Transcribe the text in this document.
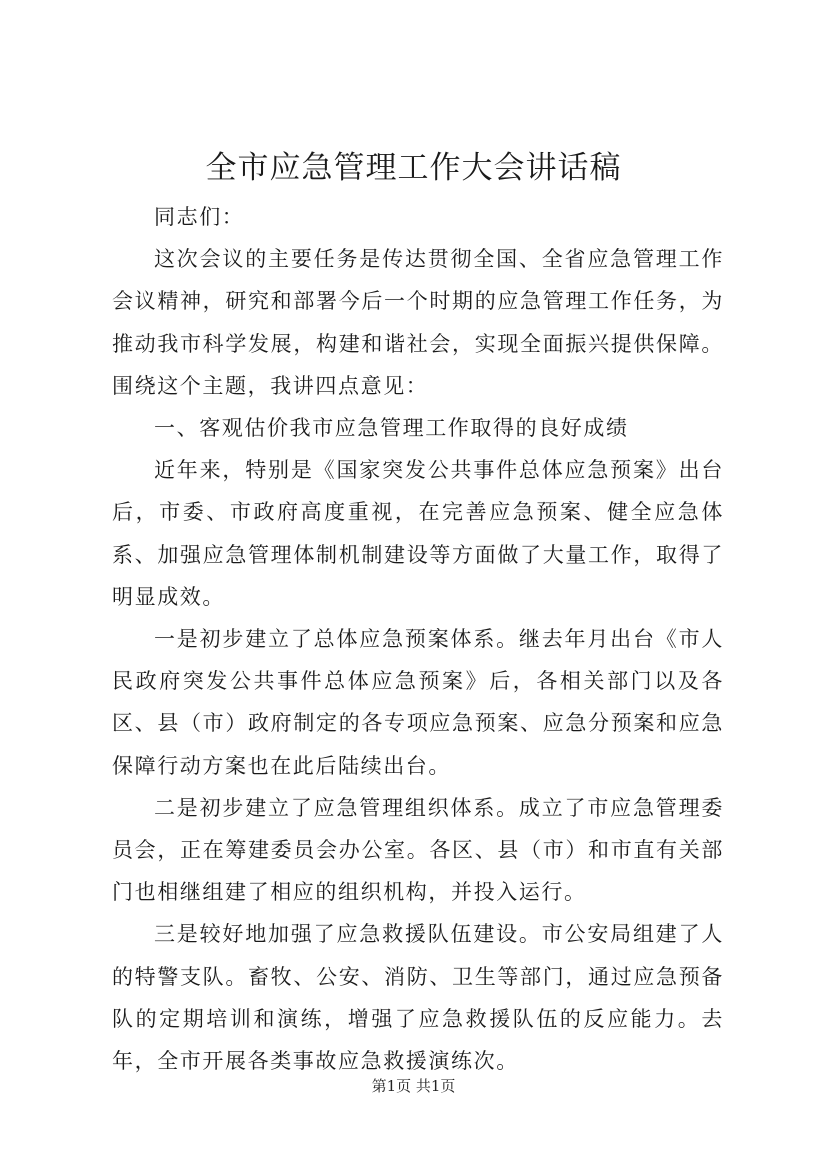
全市应急管理工作大会讲话稿

同志们：

这次会议的主要任务是传达贯彻全国、全省应急管理工作会议精神，研究和部署今后一个时期的应急管理工作任务，为推动我市科学发展，构建和谐社会，实现全面振兴提供保障。围绕这个主题，我讲四点意见：

一、客观估价我市应急管理工作取得的良好成绩

近年来，特别是《国家突发公共事件总体应急预案》出台后，市委、市政府高度重视，在完善应急预案、健全应急体系、加强应急管理体制机制建设等方面做了大量工作，取得了明显成效。

一是初步建立了总体应急预案体系。继去年月出台《市人民政府突发公共事件总体应急预案》后，各相关部门以及各区、县（市）政府制定的各专项应急预案、应急分预案和应急保障行动方案也在此后陆续出台。

二是初步建立了应急管理组织体系。成立了市应急管理委员会，正在筹建委员会办公室。各区、县（市）和市直有关部门也相继组建了相应的组织机构，并投入运行。

三是较好地加强了应急救援队伍建设。市公安局组建了人的特警支队。畜牧、公安、消防、卫生等部门，通过应急预备队的定期培训和演练，增强了应急救援队伍的反应能力。去年，全市开展各类事故应急救援演练次。

第1页 共1页
